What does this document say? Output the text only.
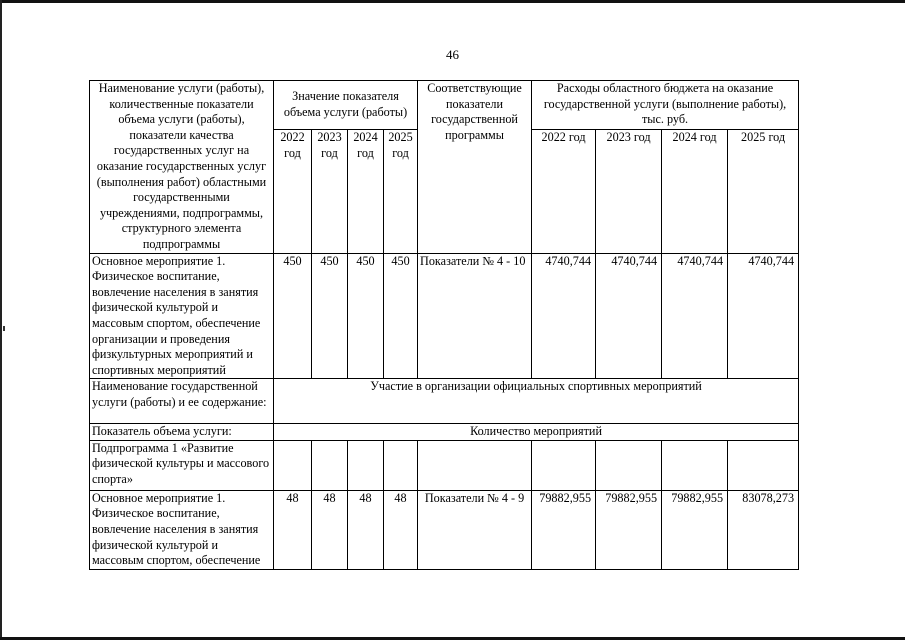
46
Наименование услуги (работы), количественные показатели объема услуги (работы), показатели качества государственных услуг на оказание государственных услуг (выполнения работ) областными государственными учреждениями, подпрограммы, структурного элемента подпрограммы	Значение показателя объема услуги (работы)				Соответствующие показатели государственной программы	Расходы областного бюджета на оказание государственной услуги (выполнение работы), тыс. руб.			
	2022 год	2023 год	2024 год	2025 год		2022 год	2023 год	2024 год	2025 год
Основное мероприятие 1. Физическое воспитание, вовлечение населения в занятия физической культурой и массовым спортом, обеспечение организации и проведения физкультурных мероприятий и спортивных мероприятий	450	450	450	450	Показатели № 4 - 10	4740,744	4740,744	4740,744	4740,744
Наименование государственной услуги (работы) и ее содержание:	Участие в организации официальных спортивных мероприятий								
Показатель объема услуги:	Количество мероприятий								
Подпрограмма 1 «Развитие физической культуры и массового спорта»									
Основное мероприятие 1. Физическое воспитание, вовлечение населения в занятия физической культурой и массовым спортом, обеспечение	48	48	48	48	Показатели № 4 - 9	79882,955	79882,955	79882,955	83078,273
